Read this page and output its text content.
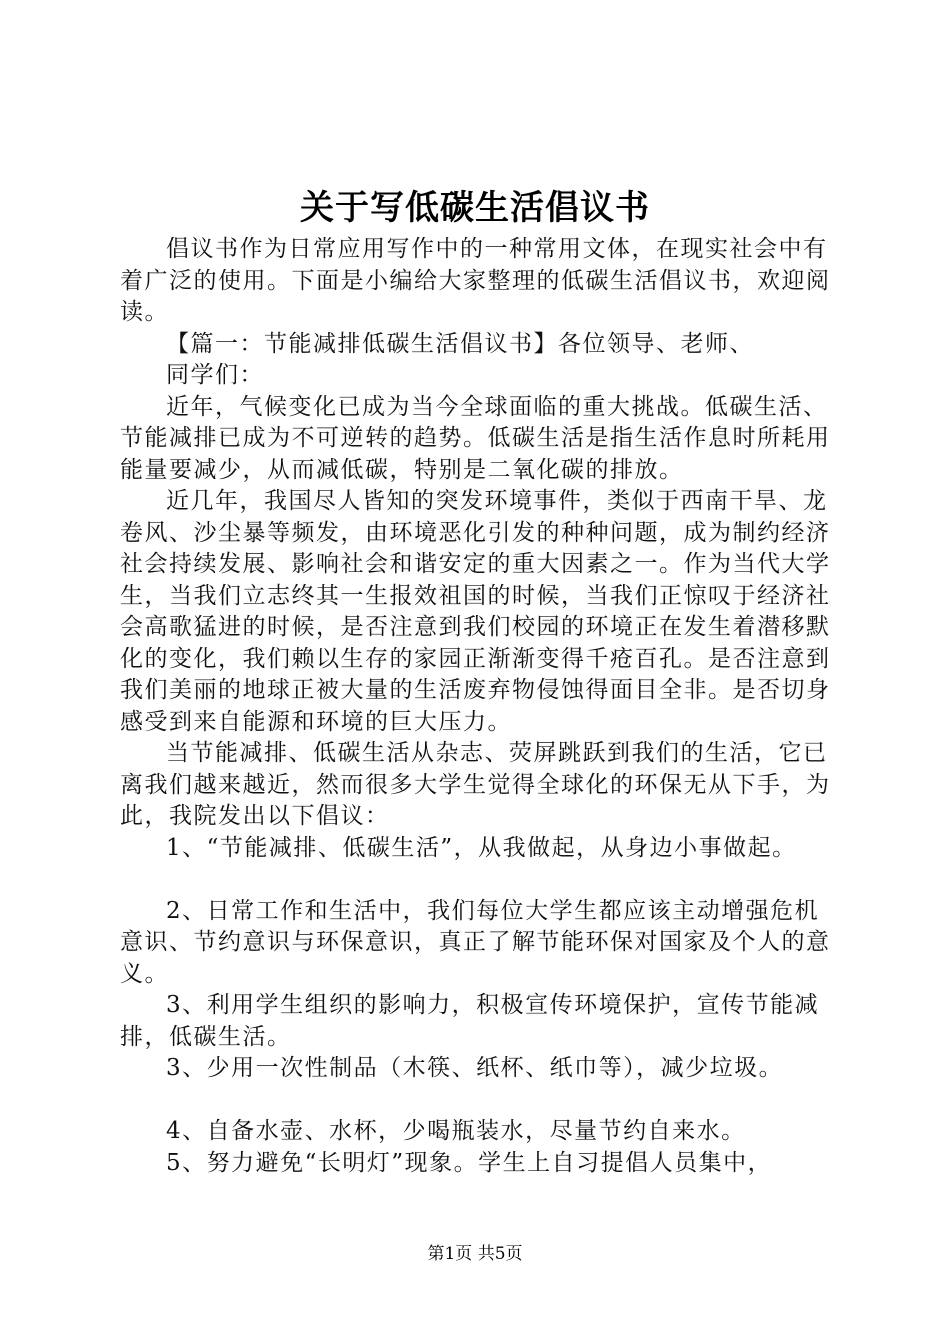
关于写低碳生活倡议书

倡议书作为日常应用写作中的一种常用文体，在现实社会中有着广泛的使用。下面是小编给大家整理的低碳生活倡议书，欢迎阅读。

【篇一：节能减排低碳生活倡议书】各位领导、老师、

同学们：

近年，气候变化已成为当今全球面临的重大挑战。低碳生活、节能减排已成为不可逆转的趋势。低碳生活是指生活作息时所耗用能量要减少，从而减低碳，特别是二氧化碳的排放。

近几年，我国尽人皆知的突发环境事件，类似于西南干旱、龙卷风、沙尘暴等频发，由环境恶化引发的种种问题，成为制约经济社会持续发展、影响社会和谐安定的重大因素之一。作为当代大学生，当我们立志终其一生报效祖国的时候，当我们正惊叹于经济社会高歌猛进的时候，是否注意到我们校园的环境正在发生着潜移默化的变化，我们赖以生存的家园正渐渐变得千疮百孔。是否注意到我们美丽的地球正被大量的生活废弃物侵蚀得面目全非。是否切身感受到来自能源和环境的巨大压力。

当节能减排、低碳生活从杂志、荧屏跳跃到我们的生活，它已离我们越来越近，然而很多大学生觉得全球化的环保无从下手，为此，我院发出以下倡议：

1、“节能减排、低碳生活”，从我做起，从身边小事做起。

2、日常工作和生活中，我们每位大学生都应该主动增强危机意识、节约意识与环保意识，真正了解节能环保对国家及个人的意义。

3、利用学生组织的影响力，积极宣传环境保护，宣传节能减排，低碳生活。

3、少用一次性制品（木筷、纸杯、纸巾等），减少垃圾。

4、自备水壶、水杯，少喝瓶装水，尽量节约自来水。

5、努力避免“长明灯”现象。学生上自习提倡人员集中，

第1页 共5页
